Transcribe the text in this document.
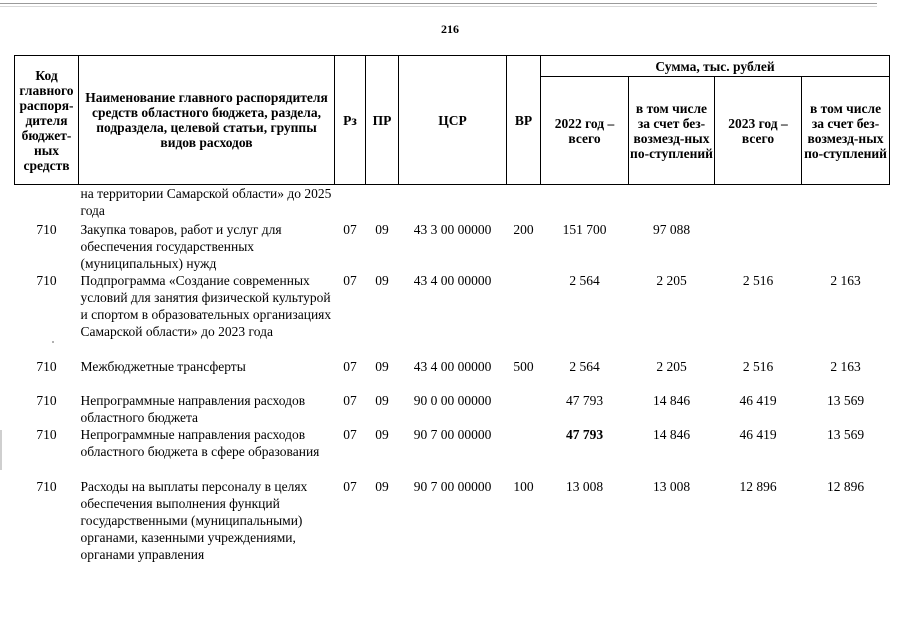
216
Код главного распоря-дителя бюджет-ных средств	Наименование главного распорядителя средств областного бюджета, раздела, подраздела, целевой статьи, группы видов расходов	Рз	ПР	ЦСР	ВР	Сумма, тыс. рублей			
						2022 год – всего	в том числе за счет без-возмезд-ных по-ступлений	2023 год – всего	в том числе за счет без-возмезд-ных по-ступлений
	на территории Самарской области» до 2025 года								
710	Закупка товаров, работ и услуг для обеспечения государственных (муниципальных) нужд	07	09	43 3 00 00000	200	151 700	97 088		
710	Подпрограмма «Создание современных условий для занятия физической культурой и спортом в образовательных организациях Самарской области» до 2023 года	07	09	43 4 00 00000		2 564	2 205	2 516	2 163
710	Межбюджетные трансферты	07	09	43 4 00 00000	500	2 564	2 205	2 516	2 163
710	Непрограммные направления расходов областного бюджета	07	09	90 0 00 00000		47 793	14 846	46 419	13 569
710	Непрограммные направления расходов областного бюджета в сфере образования	07	09	90 7 00 00000		47 793	14 846	46 419	13 569
710	Расходы на выплаты персоналу в целях обеспечения выполнения функций государственными (муниципальными) органами, казенными учреждениями, органами управления	07	09	90 7 00 00000	100	13 008	13 008	12 896	12 896
